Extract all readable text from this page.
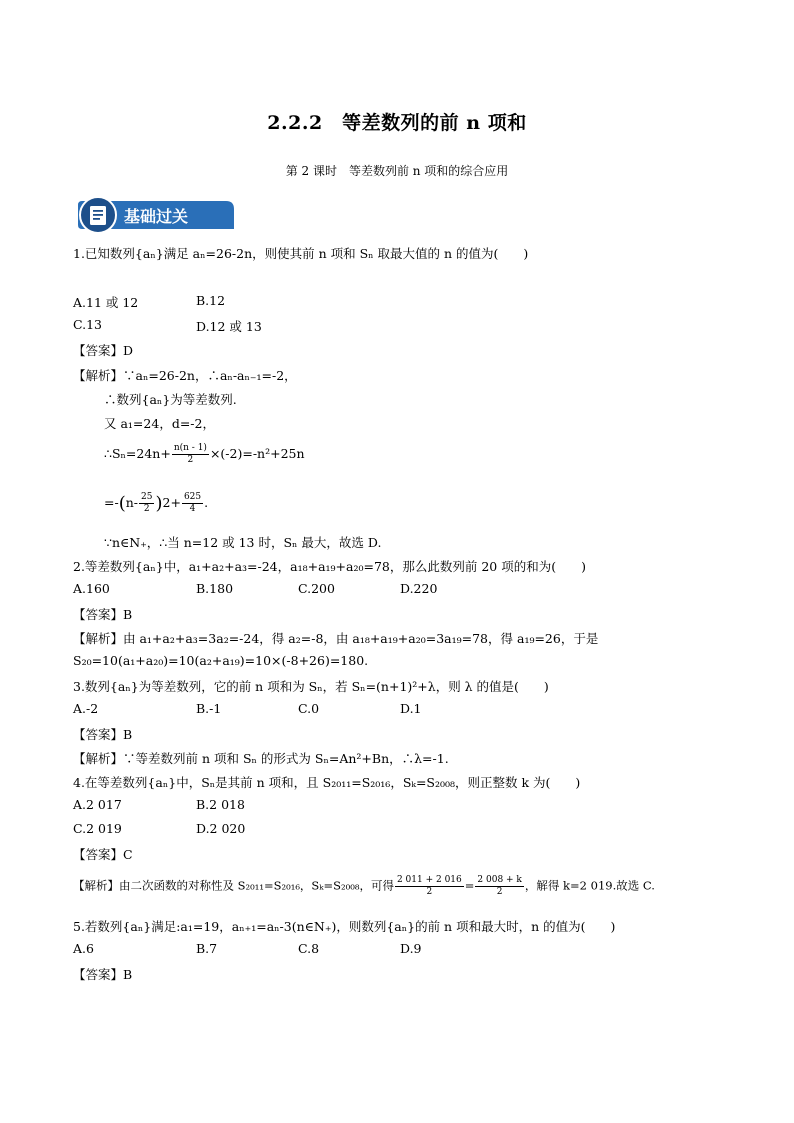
2.2.2　等差数列的前 n 项和
第 2 课时　等差数列前 n 项和的综合应用
基础过关
1.已知数列{aₙ}满足 aₙ=26-2n，则使其前 n 项和 Sₙ 取最大值的 n 的值为(　　)
A.11 或 12	B.12
C.13	D.12 或 13
【答案】D
【解析】∵aₙ=26-2n，∴aₙ-aₙ₋₁=-2，
∴数列{aₙ}为等差数列.
又 a₁=24，d=-2，
∴Sₙ=24n+ $\frac{n(n - 1)}{2} \times(-2)=-n^2+25n$
$=-(n- \frac{25}{2} )2+ \frac{625}{4}$ .
∵n∈N₊，∴当 n=12 或 13 时，Sₙ 最大，故选 D.
2.等差数列{aₙ}中，a₁+a₂+a₃=-24，a₁₈+a₁₉+a₂₀=78，那么此数列前 20 项的和为(　　)
A.160	B.180	C.200	D.220
【答案】B
【解析】由 a₁+a₂+a₃=3a₂=-24，得 a₂=-8，由 a₁₈+a₁₉+a₂₀=3a₁₉=78，得 a₁₉=26，于是
S₂₀=10(a₁+a₂₀)=10(a₂+a₁₉)=10×(-8+26)=180.
3.数列{aₙ}为等差数列，它的前 n 项和为 Sₙ，若 Sₙ=(n+1)²+λ，则 λ 的值是(　　)
A.-2	B.-1	C.0	D.1
【答案】B
【解析】∵等差数列前 n 项和 Sₙ 的形式为 Sₙ=An²+Bn，∴λ=-1.
4.在等差数列{aₙ}中，Sₙ是其前 n 项和，且 S₂₀₁₁=S₂₀₁₆，Sₖ=S₂₀₀₈，则正整数 k 为(　　)
A.2 017	B.2 018
C.2 019	D.2 020
【答案】C
【解析】由二次函数的对称性及 S₂₀₁₁=S₂₀₁₆，Sₖ=S₂₀₀₈，可得 $\frac{2 011 + 2 016}{2} = \frac{2 008 + k}{2}$ ，解得 k=2 019.故选 C.
5.若数列{aₙ}满足:a₁=19，aₙ₊₁=aₙ-3(n∈N₊)，则数列{aₙ}的前 n 项和最大时，n 的值为(　　)
A.6	B.7	C.8	D.9
【答案】B
